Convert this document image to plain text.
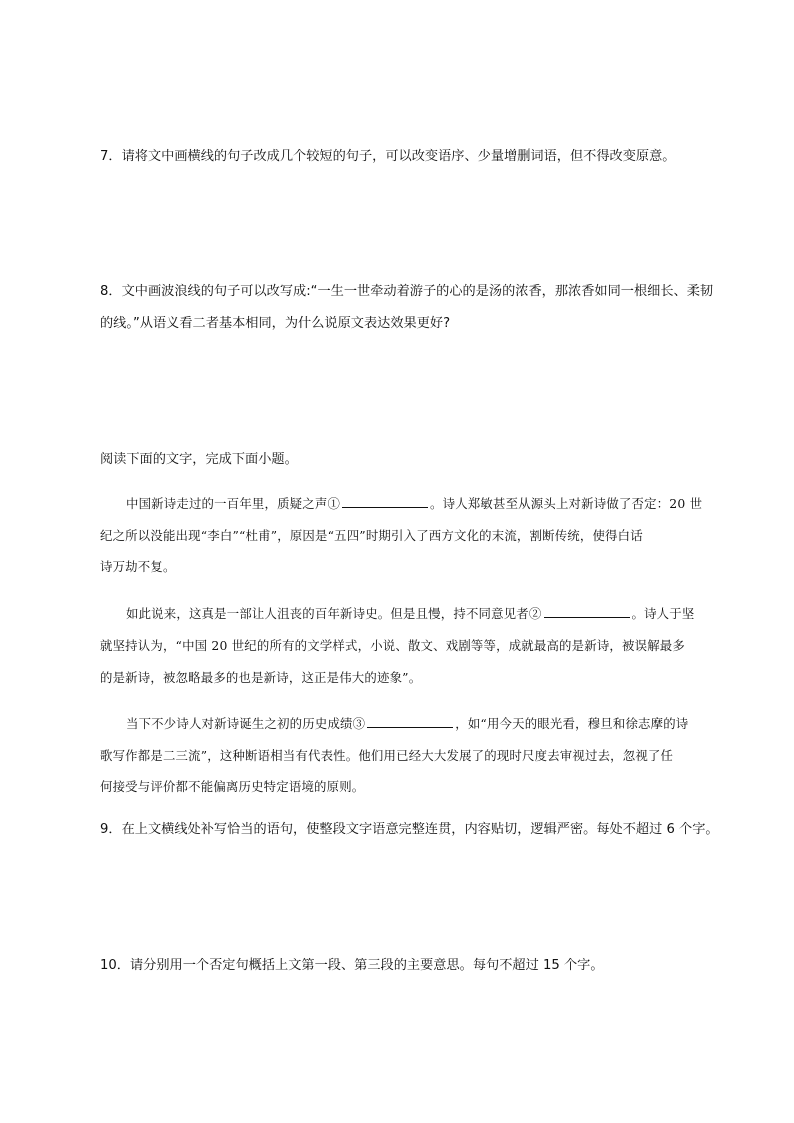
7．请将文中画横线的句子改成几个较短的句子，可以改变语序、少量增删词语，但不得改变原意。
8．文中画波浪线的句子可以改写成:“一生一世牵动着游子的心的是汤的浓香，那浓香如同一根细长、柔韧
的线。”从语义看二者基本相同，为什么说原文表达效果更好?
阅读下面的文字，完成下面小题。
中国新诗走过的一百年里，质疑之声①	。诗人郑敏甚至从源头上对新诗做了否定：20 世
纪之所以没能出现“李白”“杜甫”，原因是“五四”时期引入了西方文化的末流，割断传统，使得白话
诗万劫不复。
如此说来，这真是一部让人沮丧的百年新诗史。但是且慢，持不同意见者②	。诗人于坚
就坚持认为，“中国 20 世纪的所有的文学样式，小说、散文、戏剧等等，成就最高的是新诗，被误解最多
的是新诗，被忽略最多的也是新诗，这正是伟大的迹象”。
当下不少诗人对新诗诞生之初的历史成绩③	，如“用今天的眼光看，穆旦和徐志摩的诗
歌写作都是二三流”，这种断语相当有代表性。他们用已经大大发展了的现时尺度去审视过去，忽视了任
何接受与评价都不能偏离历史特定语境的原则。
9．在上文横线处补写恰当的语句，使整段文字语意完整连贯，内容贴切，逻辑严密。每处不超过 6 个字。
10．请分别用一个否定句概括上文第一段、第三段的主要意思。每句不超过 15 个字。
